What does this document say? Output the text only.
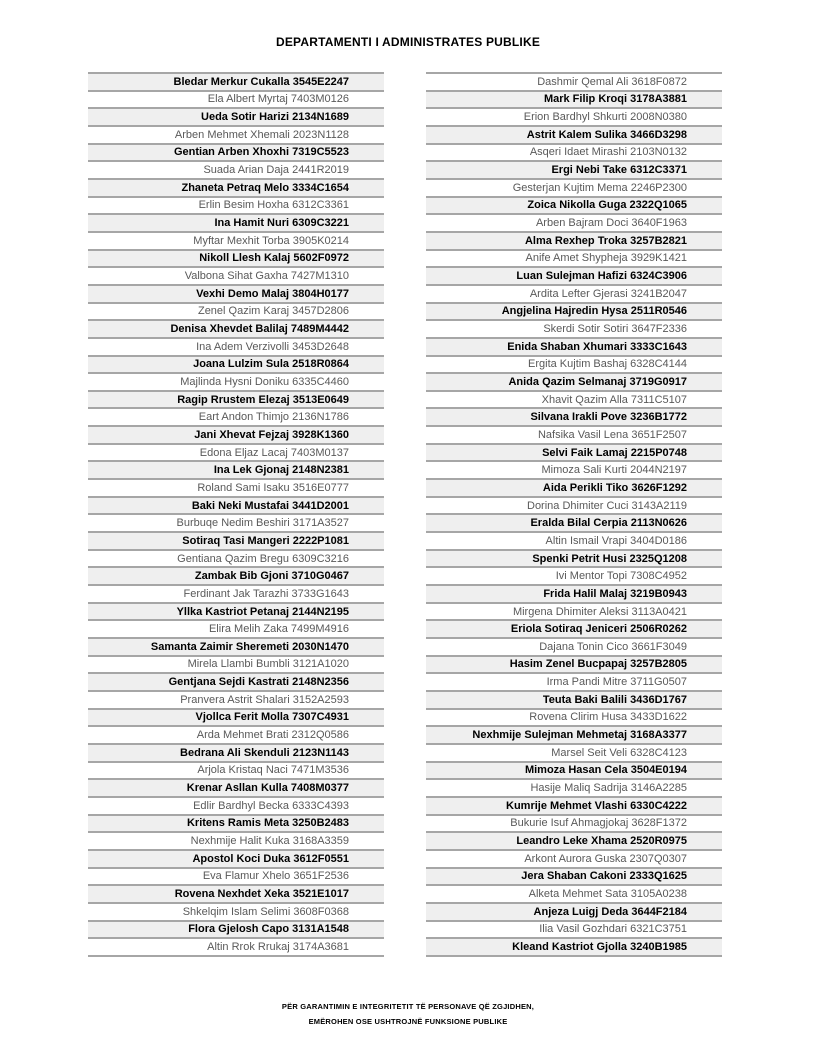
DEPARTAMENTI I ADMINISTRATES PUBLIKE
Bledar Merkur Cukalla 3545E2247
Ela Albert Myrtaj 7403M0126
Ueda Sotir Harizi 2134N1689
Arben Mehmet Xhemali 2023N1128
Gentian Arben Xhoxhi 7319C5523
Suada Arian Daja 2441R2019
Zhaneta Petraq Melo 3334C1654
Erlin Besim Hoxha 6312C3361
Ina Hamit Nuri 6309C3221
Myftar Mexhit Torba 3905K0214
Nikoll Llesh Kalaj 5602F0972
Valbona Sihat Gaxha 7427M1310
Vexhi Demo Malaj 3804H0177
Zenel Qazim Karaj 3457D2806
Denisa Xhevdet Balilaj 7489M4442
Ina Adem Verzivolli 3453D2648
Joana Lulzim Sula 2518R0864
Majlinda Hysni Doniku 6335C4460
Ragip Rrustem Elezaj 3513E0649
Eart Andon Thimjo 2136N1786
Jani Xhevat Fejzaj 3928K1360
Edona Eljaz Lacaj 7403M0137
Ina Lek Gjonaj 2148N2381
Roland Sami Isaku 3516E0777
Baki Neki Mustafai 3441D2001
Burbuqe Nedim Beshiri 3171A3527
Sotiraq Tasi Mangeri 2222P1081
Gentiana Qazim Bregu 6309C3216
Zambak Bib Gjoni 3710G0467
Ferdinant Jak Tarazhi 3733G1643
Yllka Kastriot Petanaj 2144N2195
Elira Melih Zaka 7499M4916
Samanta Zaimir Sheremeti 2030N1470
Mirela Llambi Bumbli 3121A1020
Gentjana Sejdi Kastrati 2148N2356
Pranvera Astrit Shalari 3152A2593
Vjollca Ferit Molla 7307C4931
Arda Mehmet Brati 2312Q0586
Bedrana Ali Skenduli 2123N1143
Arjola Kristaq Naci 7471M3536
Krenar Asllan Kulla 7408M0377
Edlir Bardhyl Becka 6333C4393
Kritens Ramis Meta 3250B2483
Nexhmije Halit Kuka 3168A3359
Apostol Koci Duka 3612F0551
Eva Flamur Xhelo 3651F2536
Rovena Nexhdet Xeka 3521E1017
Shkelqim Islam Selimi 3608F0368
Flora Gjelosh Capo 3131A1548
Altin Rrok Rrukaj 3174A3681
Dashmir Qemal Ali 3618F0872
Mark Filip Kroqi 3178A3881
Erion Bardhyl Shkurti 2008N0380
Astrit Kalem Sulika 3466D3298
Asqeri Idaet Mirashi 2103N0132
Ergi Nebi Take 6312C3371
Gesterjan Kujtim Mema 2246P2300
Zoica Nikolla Guga 2322Q1065
Arben Bajram Doci 3640F1963
Alma Rexhep Troka 3257B2821
Anife Amet Shypheja 3929K1421
Luan Sulejman Hafizi 6324C3906
Ardita Lefter Gjerasi 3241B2047
Angjelina Hajredin Hysa 2511R0546
Skerdi Sotir Sotiri 3647F2336
Enida Shaban Xhumari 3333C1643
Ergita Kujtim Bashaj 6328C4144
Anida Qazim Selmanaj 3719G0917
Xhavit Qazim Alla 7311C5107
Silvana Irakli Pove 3236B1772
Nafsika Vasil Lena 3651F2507
Selvi Faik Lamaj 2215P0748
Mimoza Sali Kurti 2044N2197
Aida Perikli Tiko 3626F1292
Dorina Dhimiter Cuci 3143A2119
Eralda Bilal Cerpia 2113N0626
Altin Ismail Vrapi 3404D0186
Spenki Petrit Husi 2325Q1208
Ivi Mentor Topi 7308C4952
Frida Halil Malaj 3219B0943
Mirgena Dhimiter Aleksi 3113A0421
Eriola Sotiraq Jeniceri 2506R0262
Dajana Tonin Cico 3661F3049
Hasim Zenel Bucpapaj 3257B2805
Irma Pandi Mitre 3711G0507
Teuta Baki Balili 3436D1767
Rovena Clirim Husa 3433D1622
Nexhmije Sulejman Mehmetaj 3168A3377
Marsel Seit Veli 6328C4123
Mimoza Hasan Cela 3504E0194
Hasije Maliq Sadrija 3146A2285
Kumrije Mehmet Vlashi 6330C4222
Bukurie Isuf Ahmagjokaj 3628F1372
Leandro Leke Xhama 2520R0975
Arkont Aurora Guska 2307Q0307
Jera Shaban Cakoni 2333Q1625
Alketa Mehmet Sata 3105A0238
Anjeza Luigj Deda 3644F2184
Ilia Vasil Gozhdari 6321C3751
Kleand Kastriot Gjolla 3240B1985
PËR GARANTIMIN E INTEGRITETIT TË PERSONAVE QË ZGJIDHEN,
EMËROHEN OSE USHTROJNË FUNKSIONE PUBLIKE
